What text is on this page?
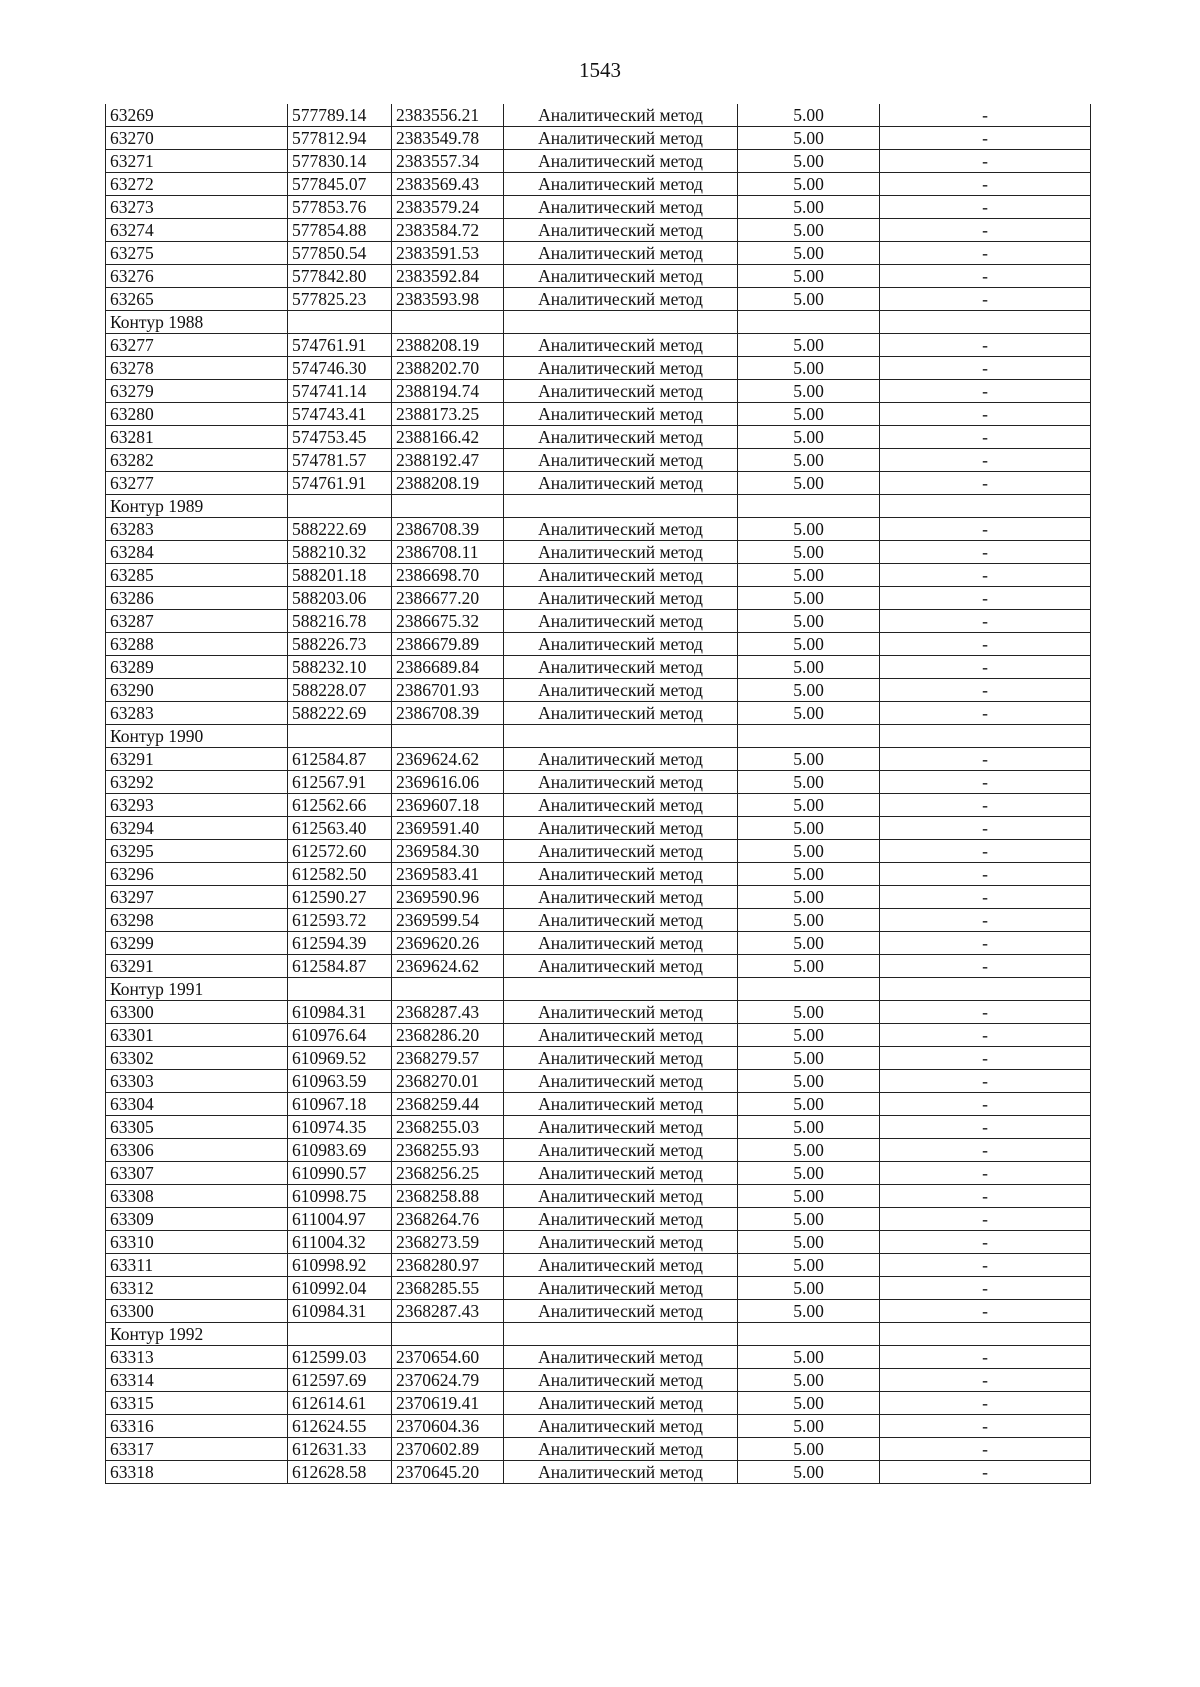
1543
63269	577789.14	2383556.21	Аналитический метод	5.00	-
63270	577812.94	2383549.78	Аналитический метод	5.00	-
63271	577830.14	2383557.34	Аналитический метод	5.00	-
63272	577845.07	2383569.43	Аналитический метод	5.00	-
63273	577853.76	2383579.24	Аналитический метод	5.00	-
63274	577854.88	2383584.72	Аналитический метод	5.00	-
63275	577850.54	2383591.53	Аналитический метод	5.00	-
63276	577842.80	2383592.84	Аналитический метод	5.00	-
63265	577825.23	2383593.98	Аналитический метод	5.00	-
Контур 1988					
63277	574761.91	2388208.19	Аналитический метод	5.00	-
63278	574746.30	2388202.70	Аналитический метод	5.00	-
63279	574741.14	2388194.74	Аналитический метод	5.00	-
63280	574743.41	2388173.25	Аналитический метод	5.00	-
63281	574753.45	2388166.42	Аналитический метод	5.00	-
63282	574781.57	2388192.47	Аналитический метод	5.00	-
63277	574761.91	2388208.19	Аналитический метод	5.00	-
Контур 1989					
63283	588222.69	2386708.39	Аналитический метод	5.00	-
63284	588210.32	2386708.11	Аналитический метод	5.00	-
63285	588201.18	2386698.70	Аналитический метод	5.00	-
63286	588203.06	2386677.20	Аналитический метод	5.00	-
63287	588216.78	2386675.32	Аналитический метод	5.00	-
63288	588226.73	2386679.89	Аналитический метод	5.00	-
63289	588232.10	2386689.84	Аналитический метод	5.00	-
63290	588228.07	2386701.93	Аналитический метод	5.00	-
63283	588222.69	2386708.39	Аналитический метод	5.00	-
Контур 1990					
63291	612584.87	2369624.62	Аналитический метод	5.00	-
63292	612567.91	2369616.06	Аналитический метод	5.00	-
63293	612562.66	2369607.18	Аналитический метод	5.00	-
63294	612563.40	2369591.40	Аналитический метод	5.00	-
63295	612572.60	2369584.30	Аналитический метод	5.00	-
63296	612582.50	2369583.41	Аналитический метод	5.00	-
63297	612590.27	2369590.96	Аналитический метод	5.00	-
63298	612593.72	2369599.54	Аналитический метод	5.00	-
63299	612594.39	2369620.26	Аналитический метод	5.00	-
63291	612584.87	2369624.62	Аналитический метод	5.00	-
Контур 1991					
63300	610984.31	2368287.43	Аналитический метод	5.00	-
63301	610976.64	2368286.20	Аналитический метод	5.00	-
63302	610969.52	2368279.57	Аналитический метод	5.00	-
63303	610963.59	2368270.01	Аналитический метод	5.00	-
63304	610967.18	2368259.44	Аналитический метод	5.00	-
63305	610974.35	2368255.03	Аналитический метод	5.00	-
63306	610983.69	2368255.93	Аналитический метод	5.00	-
63307	610990.57	2368256.25	Аналитический метод	5.00	-
63308	610998.75	2368258.88	Аналитический метод	5.00	-
63309	611004.97	2368264.76	Аналитический метод	5.00	-
63310	611004.32	2368273.59	Аналитический метод	5.00	-
63311	610998.92	2368280.97	Аналитический метод	5.00	-
63312	610992.04	2368285.55	Аналитический метод	5.00	-
63300	610984.31	2368287.43	Аналитический метод	5.00	-
Контур 1992					
63313	612599.03	2370654.60	Аналитический метод	5.00	-
63314	612597.69	2370624.79	Аналитический метод	5.00	-
63315	612614.61	2370619.41	Аналитический метод	5.00	-
63316	612624.55	2370604.36	Аналитический метод	5.00	-
63317	612631.33	2370602.89	Аналитический метод	5.00	-
63318	612628.58	2370645.20	Аналитический метод	5.00	-
